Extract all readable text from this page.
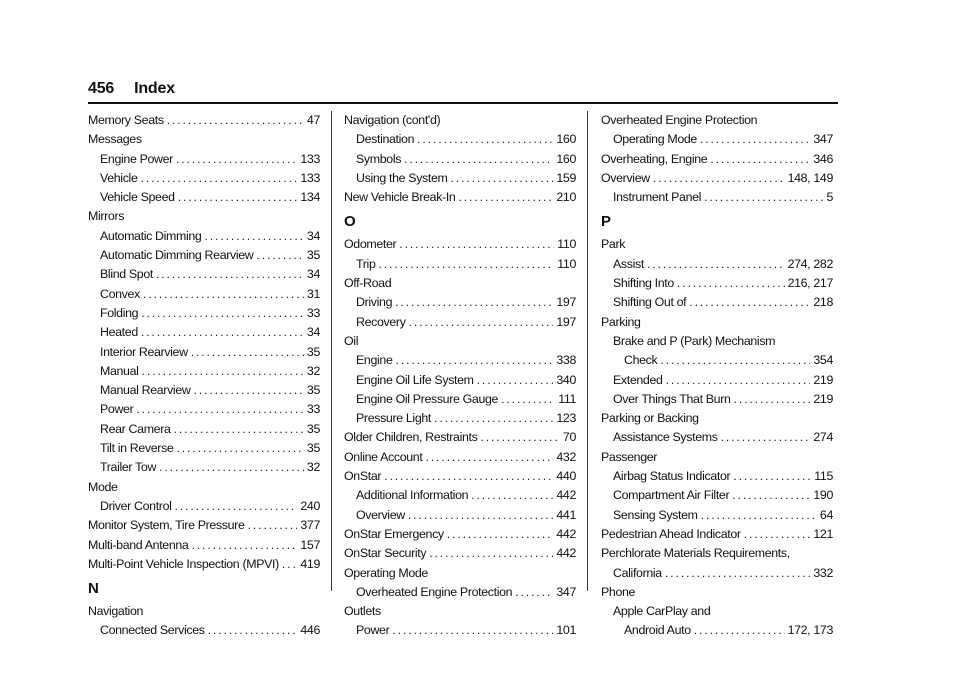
456 Index
Memory Seats . . .	47
Messages
Engine Power . . .	133
Vehicle . . .	133
Vehicle Speed . . .	134
Mirrors
Automatic Dimming . . .	34
Automatic Dimming Rearview . . .	35
Blind Spot . . .	34
Convex . . .	31
Folding . . .	33
Heated . . .	34
Interior Rearview . . .	35
Manual . . .	32
Manual Rearview . . .	35
Power . . .	33
Rear Camera . . .	35
Tilt in Reverse . . .	35
Trailer Tow . . .	32
Mode
Driver Control . . .	240
Monitor System, Tire Pressure . . .	377
Multi-band Antenna . . .	157
Multi-Point Vehicle Inspection (MPVI) . . . 419
N
Navigation
Connected Services . . .	446
Navigation (cont'd)
Destination . . .	160
Symbols . . .	160
Using the System . . .	159
New Vehicle Break-In . . .	210
O
Odometer . . .	110
Trip . . .	110
Off-Road
Driving . . .	197
Recovery . . .	197
Oil
Engine . . .	338
Engine Oil Life System . . .	340
Engine Oil Pressure Gauge . . .	111
Pressure Light . . .	123
Older Children, Restraints . . .	70
Online Account . . .	432
OnStar . . .	440
Additional Information . . .	442
Overview . . .	441
OnStar Emergency . . .	442
OnStar Security . . .	442
Operating Mode
Overheated Engine Protection . . .	347
Outlets
Power . . .	101
Overheated Engine Protection
Operating Mode . . .	347
Overheating, Engine . . .	346
Overview . . .	148, 149
Instrument Panel . . .	5
P
Park
Assist . . .	274, 282
Shifting Into . . .	216, 217
Shifting Out of . . .	218
Parking
Brake and P (Park) Mechanism
Check . . .	354
Extended . . .	219
Over Things That Burn . . .	219
Parking or Backing
Assistance Systems . . .	274
Passenger
Airbag Status Indicator . . .	115
Compartment Air Filter . . .	190
Sensing System . . .	64
Pedestrian Ahead Indicator . . .	121
Perchlorate Materials Requirements,
California . . .	332
Phone
Apple CarPlay and
Android Auto . . .	172, 173
